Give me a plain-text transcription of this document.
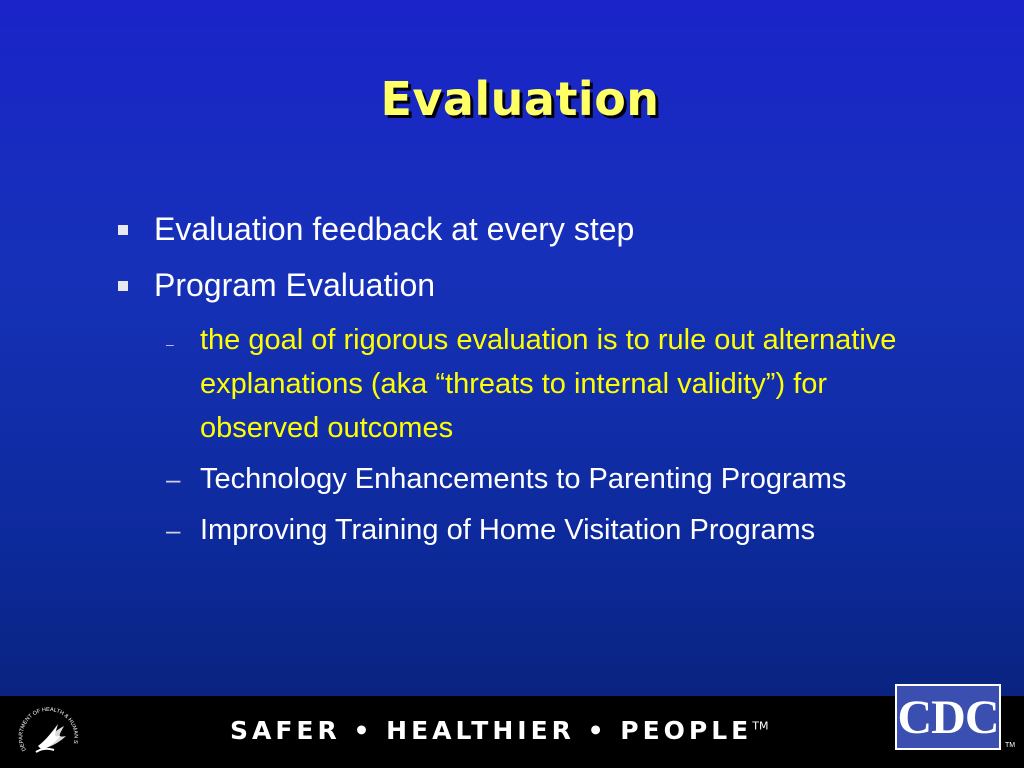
Evaluation
Evaluation feedback at every step
Program Evaluation
– the goal of rigorous evaluation is to rule out alternative explanations (aka “threats to internal validity”) for observed outcomes
– Technology Enhancements to Parenting Programs
– Improving Training of Home Visitation Programs
DEPARTMENT OF HEALTH & HUMAN S	SAFER • HEALTHIER • PEOPLE™	CDC
TM
